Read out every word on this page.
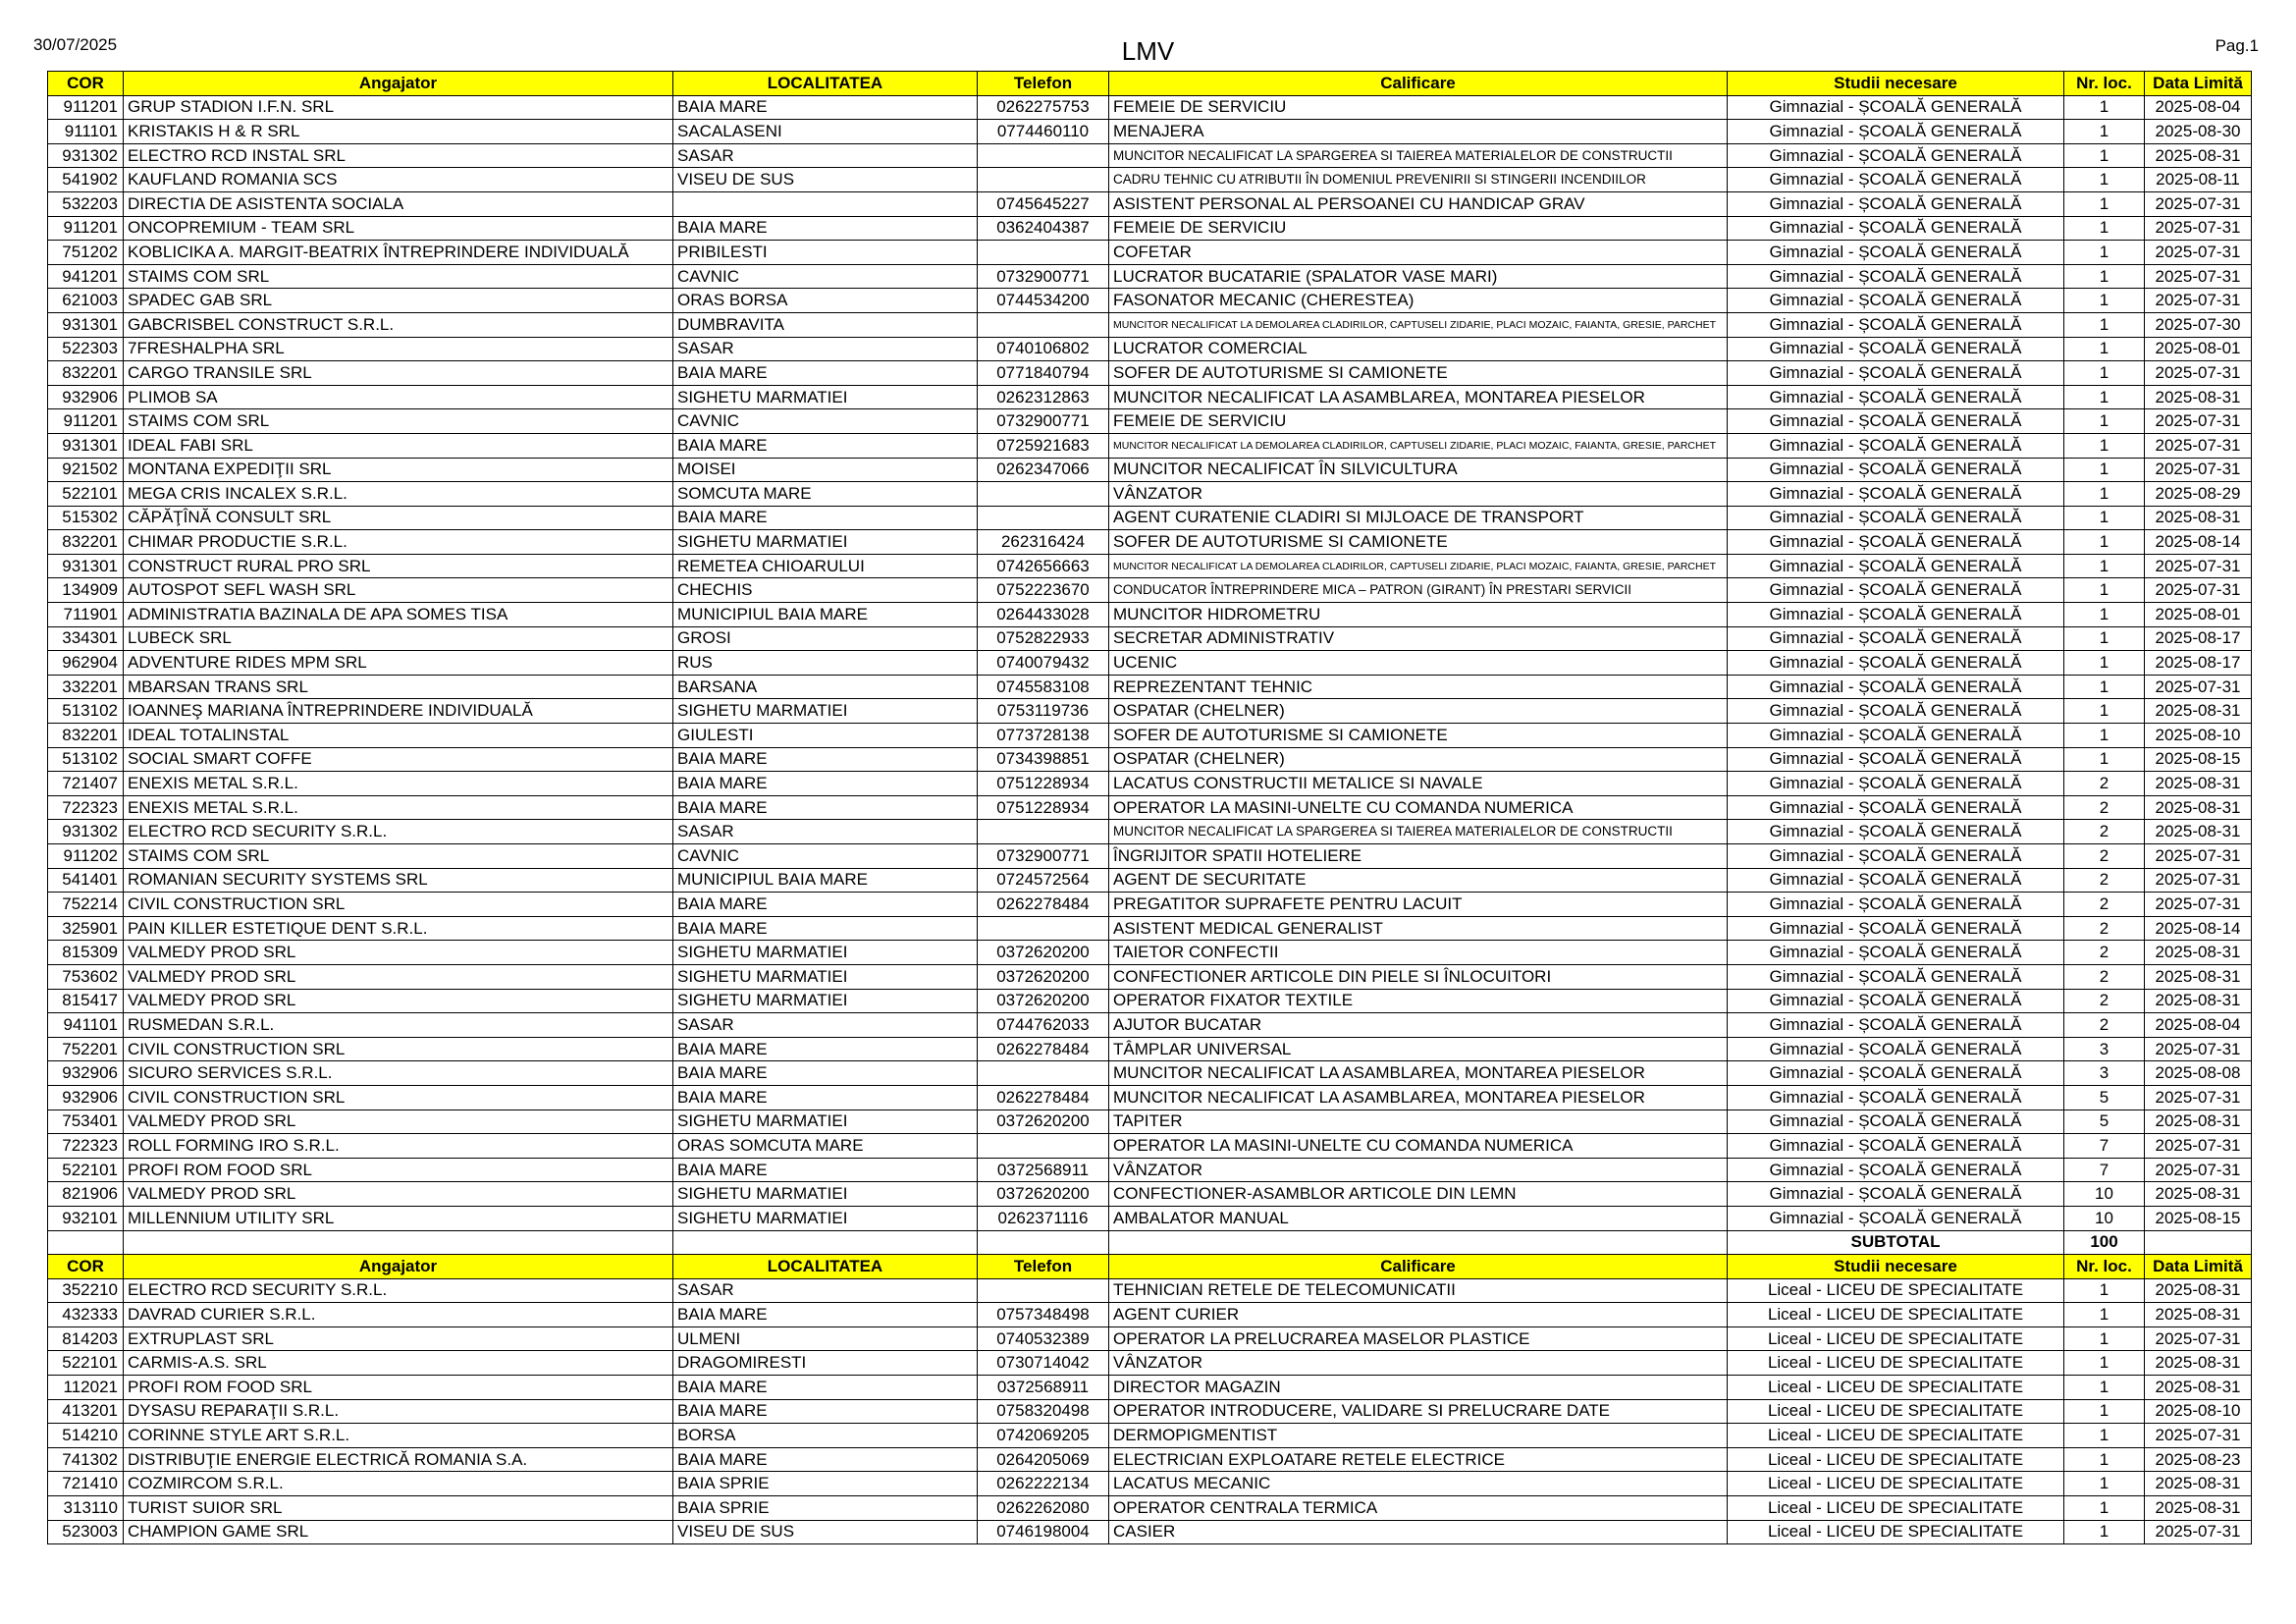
30/07/2025	LMV	Pag.1
COR	Angajator	LOCALITATEA	Telefon	Calificare	Studii necesare	Nr. loc.	Data Limită
911201	GRUP STADION I.F.N. SRL	BAIA MARE	0262275753	FEMEIE DE SERVICIU	Gimnazial - ȘCOALĂ GENERALĂ	1	2025-08-04
911101	KRISTAKIS H & R SRL	SACALASENI	0774460110	MENAJERA	Gimnazial - ȘCOALĂ GENERALĂ	1	2025-08-30
931302	ELECTRO RCD INSTAL SRL	SASAR		MUNCITOR NECALIFICAT LA SPARGEREA SI TAIEREA MATERIALELOR DE CONSTRUCTII	Gimnazial - ȘCOALĂ GENERALĂ	1	2025-08-31
541902	KAUFLAND ROMANIA SCS	VISEU DE SUS		CADRU TEHNIC CU ATRIBUTII ÎN DOMENIUL PREVENIRII SI STINGERII INCENDIILOR	Gimnazial - ȘCOALĂ GENERALĂ	1	2025-08-11
532203	DIRECTIA DE ASISTENTA SOCIALA		0745645227	ASISTENT PERSONAL AL PERSOANEI CU HANDICAP GRAV	Gimnazial - ȘCOALĂ GENERALĂ	1	2025-07-31
911201	ONCOPREMIUM - TEAM SRL	BAIA MARE	0362404387	FEMEIE DE SERVICIU	Gimnazial - ȘCOALĂ GENERALĂ	1	2025-07-31
751202	KOBLICIKA A. MARGIT-BEATRIX ÎNTREPRINDERE INDIVIDUALĂ	PRIBILESTI		COFETAR	Gimnazial - ȘCOALĂ GENERALĂ	1	2025-07-31
941201	STAIMS COM SRL	CAVNIC	0732900771	LUCRATOR BUCATARIE (SPALATOR VASE MARI)	Gimnazial - ȘCOALĂ GENERALĂ	1	2025-07-31
621003	SPADEC GAB SRL	ORAS BORSA	0744534200	FASONATOR MECANIC (CHERESTEA)	Gimnazial - ȘCOALĂ GENERALĂ	1	2025-07-31
931301	GABCRISBEL CONSTRUCT S.R.L.	DUMBRAVITA		MUNCITOR NECALIFICAT LA DEMOLAREA CLADIRILOR, CAPTUSELI ZIDARIE, PLACI MOZAIC, FAIANTA, GRESIE, PARCHET	Gimnazial - ȘCOALĂ GENERALĂ	1	2025-07-30
522303	7FRESHALPHA SRL	SASAR	0740106802	LUCRATOR COMERCIAL	Gimnazial - ȘCOALĂ GENERALĂ	1	2025-08-01
832201	CARGO TRANSILE SRL	BAIA MARE	0771840794	SOFER DE AUTOTURISME SI CAMIONETE	Gimnazial - ȘCOALĂ GENERALĂ	1	2025-07-31
932906	PLIMOB SA	SIGHETU MARMATIEI	0262312863	MUNCITOR NECALIFICAT LA ASAMBLAREA, MONTAREA PIESELOR	Gimnazial - ȘCOALĂ GENERALĂ	1	2025-08-31
911201	STAIMS COM SRL	CAVNIC	0732900771	FEMEIE DE SERVICIU	Gimnazial - ȘCOALĂ GENERALĂ	1	2025-07-31
931301	IDEAL FABI SRL	BAIA MARE	0725921683	MUNCITOR NECALIFICAT LA DEMOLAREA CLADIRILOR, CAPTUSELI ZIDARIE, PLACI MOZAIC, FAIANTA, GRESIE, PARCHET	Gimnazial - ȘCOALĂ GENERALĂ	1	2025-07-31
921502	MONTANA EXPEDIŢII SRL	MOISEI	0262347066	MUNCITOR NECALIFICAT ÎN SILVICULTURA	Gimnazial - ȘCOALĂ GENERALĂ	1	2025-07-31
522101	MEGA CRIS INCALEX S.R.L.	SOMCUTA MARE		VÂNZATOR	Gimnazial - ȘCOALĂ GENERALĂ	1	2025-08-29
515302	CĂPĂŢÎNĂ CONSULT SRL	BAIA MARE		AGENT CURATENIE CLADIRI SI MIJLOACE DE TRANSPORT	Gimnazial - ȘCOALĂ GENERALĂ	1	2025-08-31
832201	CHIMAR PRODUCTIE S.R.L.	SIGHETU MARMATIEI	262316424	SOFER DE AUTOTURISME SI CAMIONETE	Gimnazial - ȘCOALĂ GENERALĂ	1	2025-08-14
931301	CONSTRUCT RURAL PRO SRL	REMETEA CHIOARULUI	0742656663	MUNCITOR NECALIFICAT LA DEMOLAREA CLADIRILOR, CAPTUSELI ZIDARIE, PLACI MOZAIC, FAIANTA, GRESIE, PARCHET	Gimnazial - ȘCOALĂ GENERALĂ	1	2025-07-31
134909	AUTOSPOT SEFL WASH SRL	CHECHIS	0752223670	CONDUCATOR ÎNTREPRINDERE MICA – PATRON (GIRANT) ÎN PRESTARI SERVICII	Gimnazial - ȘCOALĂ GENERALĂ	1	2025-07-31
711901	ADMINISTRATIA BAZINALA DE APA SOMES TISA	MUNICIPIUL BAIA MARE	0264433028	MUNCITOR HIDROMETRU	Gimnazial - ȘCOALĂ GENERALĂ	1	2025-08-01
334301	LUBECK SRL	GROSI	0752822933	SECRETAR ADMINISTRATIV	Gimnazial - ȘCOALĂ GENERALĂ	1	2025-08-17
962904	ADVENTURE RIDES MPM SRL	RUS	0740079432	UCENIC	Gimnazial - ȘCOALĂ GENERALĂ	1	2025-08-17
332201	MBARSAN TRANS SRL	BARSANA	0745583108	REPREZENTANT TEHNIC	Gimnazial - ȘCOALĂ GENERALĂ	1	2025-07-31
513102	IOANNEŞ MARIANA ÎNTREPRINDERE INDIVIDUALĂ	SIGHETU MARMATIEI	0753119736	OSPATAR (CHELNER)	Gimnazial - ȘCOALĂ GENERALĂ	1	2025-08-31
832201	IDEAL TOTALINSTAL	GIULESTI	0773728138	SOFER DE AUTOTURISME SI CAMIONETE	Gimnazial - ȘCOALĂ GENERALĂ	1	2025-08-10
513102	SOCIAL SMART COFFE	BAIA MARE	0734398851	OSPATAR (CHELNER)	Gimnazial - ȘCOALĂ GENERALĂ	1	2025-08-15
721407	ENEXIS METAL S.R.L.	BAIA MARE	0751228934	LACATUS CONSTRUCTII METALICE SI NAVALE	Gimnazial - ȘCOALĂ GENERALĂ	2	2025-08-31
722323	ENEXIS METAL S.R.L.	BAIA MARE	0751228934	OPERATOR LA MASINI-UNELTE CU COMANDA NUMERICA	Gimnazial - ȘCOALĂ GENERALĂ	2	2025-08-31
931302	ELECTRO RCD SECURITY S.R.L.	SASAR		MUNCITOR NECALIFICAT LA SPARGEREA SI TAIEREA MATERIALELOR DE CONSTRUCTII	Gimnazial - ȘCOALĂ GENERALĂ	2	2025-08-31
911202	STAIMS COM SRL	CAVNIC	0732900771	ÎNGRIJITOR SPATII HOTELIERE	Gimnazial - ȘCOALĂ GENERALĂ	2	2025-07-31
541401	ROMANIAN SECURITY SYSTEMS SRL	MUNICIPIUL BAIA MARE	0724572564	AGENT DE SECURITATE	Gimnazial - ȘCOALĂ GENERALĂ	2	2025-07-31
752214	CIVIL CONSTRUCTION SRL	BAIA MARE	0262278484	PREGATITOR SUPRAFETE PENTRU LACUIT	Gimnazial - ȘCOALĂ GENERALĂ	2	2025-07-31
325901	PAIN KILLER ESTETIQUE DENT S.R.L.	BAIA MARE		ASISTENT MEDICAL GENERALIST	Gimnazial - ȘCOALĂ GENERALĂ	2	2025-08-14
815309	VALMEDY PROD SRL	SIGHETU MARMATIEI	0372620200	TAIETOR CONFECTII	Gimnazial - ȘCOALĂ GENERALĂ	2	2025-08-31
753602	VALMEDY PROD SRL	SIGHETU MARMATIEI	0372620200	CONFECTIONER ARTICOLE DIN PIELE SI ÎNLOCUITORI	Gimnazial - ȘCOALĂ GENERALĂ	2	2025-08-31
815417	VALMEDY PROD SRL	SIGHETU MARMATIEI	0372620200	OPERATOR FIXATOR TEXTILE	Gimnazial - ȘCOALĂ GENERALĂ	2	2025-08-31
941101	RUSMEDAN S.R.L.	SASAR	0744762033	AJUTOR BUCATAR	Gimnazial - ȘCOALĂ GENERALĂ	2	2025-08-04
752201	CIVIL CONSTRUCTION SRL	BAIA MARE	0262278484	TÂMPLAR UNIVERSAL	Gimnazial - ȘCOALĂ GENERALĂ	3	2025-07-31
932906	SICURO SERVICES S.R.L.	BAIA MARE		MUNCITOR NECALIFICAT LA ASAMBLAREA, MONTAREA PIESELOR	Gimnazial - ȘCOALĂ GENERALĂ	3	2025-08-08
932906	CIVIL CONSTRUCTION SRL	BAIA MARE	0262278484	MUNCITOR NECALIFICAT LA ASAMBLAREA, MONTAREA PIESELOR	Gimnazial - ȘCOALĂ GENERALĂ	5	2025-07-31
753401	VALMEDY PROD SRL	SIGHETU MARMATIEI	0372620200	TAPITER	Gimnazial - ȘCOALĂ GENERALĂ	5	2025-08-31
722323	ROLL FORMING IRO S.R.L.	ORAS SOMCUTA MARE		OPERATOR LA MASINI-UNELTE CU COMANDA NUMERICA	Gimnazial - ȘCOALĂ GENERALĂ	7	2025-07-31
522101	PROFI ROM FOOD SRL	BAIA MARE	0372568911	VÂNZATOR	Gimnazial - ȘCOALĂ GENERALĂ	7	2025-07-31
821906	VALMEDY PROD SRL	SIGHETU MARMATIEI	0372620200	CONFECTIONER-ASAMBLOR ARTICOLE DIN LEMN	Gimnazial - ȘCOALĂ GENERALĂ	10	2025-08-31
932101	MILLENNIUM UTILITY SRL	SIGHETU MARMATIEI	0262371116	AMBALATOR MANUAL	Gimnazial - ȘCOALĂ GENERALĂ	10	2025-08-15
					SUBTOTAL	100	
COR	Angajator	LOCALITATEA	Telefon	Calificare	Studii necesare	Nr. loc.	Data Limită
352210	ELECTRO RCD SECURITY S.R.L.	SASAR		TEHNICIAN RETELE DE TELECOMUNICATII	Liceal - LICEU DE SPECIALITATE	1	2025-08-31
432333	DAVRAD CURIER S.R.L.	BAIA MARE	0757348498	AGENT CURIER	Liceal - LICEU DE SPECIALITATE	1	2025-08-31
814203	EXTRUPLAST SRL	ULMENI	0740532389	OPERATOR LA PRELUCRAREA MASELOR PLASTICE	Liceal - LICEU DE SPECIALITATE	1	2025-07-31
522101	CARMIS-A.S. SRL	DRAGOMIRESTI	0730714042	VÂNZATOR	Liceal - LICEU DE SPECIALITATE	1	2025-08-31
112021	PROFI ROM FOOD SRL	BAIA MARE	0372568911	DIRECTOR MAGAZIN	Liceal - LICEU DE SPECIALITATE	1	2025-08-31
413201	DYSASU REPARAŢII S.R.L.	BAIA MARE	0758320498	OPERATOR INTRODUCERE, VALIDARE SI PRELUCRARE DATE	Liceal - LICEU DE SPECIALITATE	1	2025-08-10
514210	CORINNE STYLE ART S.R.L.	BORSA	0742069205	DERMOPIGMENTIST	Liceal - LICEU DE SPECIALITATE	1	2025-07-31
741302	DISTRIBUŢIE ENERGIE ELECTRICĂ ROMANIA S.A.	BAIA MARE	0264205069	ELECTRICIAN EXPLOATARE RETELE ELECTRICE	Liceal - LICEU DE SPECIALITATE	1	2025-08-23
721410	COZMIRCOM S.R.L.	BAIA SPRIE	0262222134	LACATUS MECANIC	Liceal - LICEU DE SPECIALITATE	1	2025-08-31
313110	TURIST SUIOR SRL	BAIA SPRIE	0262262080	OPERATOR CENTRALA TERMICA	Liceal - LICEU DE SPECIALITATE	1	2025-08-31
523003	CHAMPION GAME SRL	VISEU DE SUS	0746198004	CASIER	Liceal - LICEU DE SPECIALITATE	1	2025-07-31
